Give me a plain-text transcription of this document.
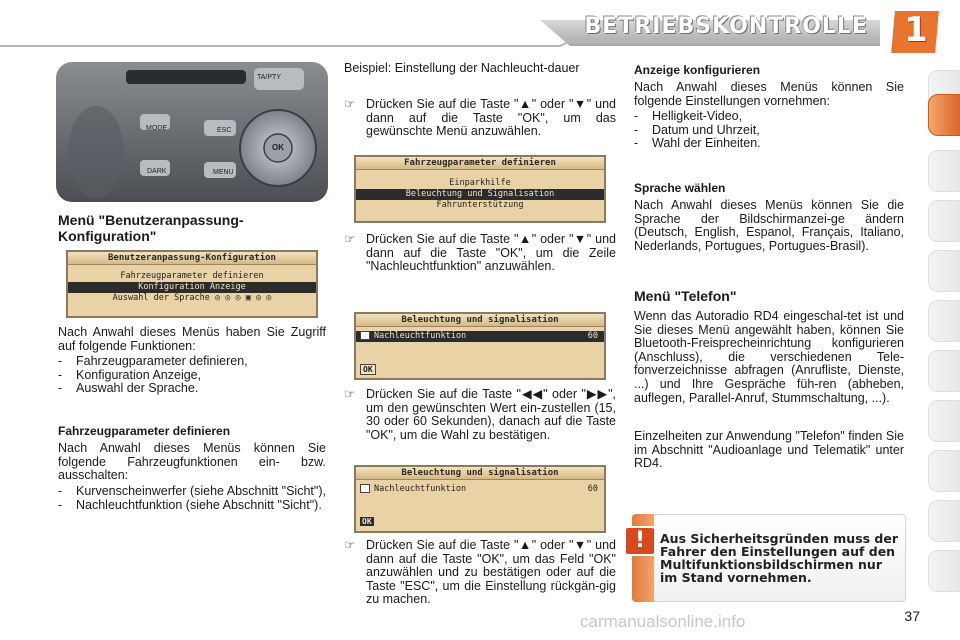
BETRIEBSKONTROLLE 1
TA/PTY
MODE
DARK
ESC
MENU
OK
Menü "Benutzeranpassung-Konfiguration"
Benutzeranpassung-Konfiguration
Fahrzeugparameter definieren
Konfiguration Anzeige
Auswahl der Sprache ◎ ◎ ◎ ▣ ◎ ◎
Nach Anwahl dieses Menüs haben Sie Zugriff auf folgende Funktionen:
- Fahrzeugparameter definieren,
- Konfiguration Anzeige,
- Auswahl der Sprache.
Fahrzeugparameter definieren
Nach Anwahl dieses Menüs können Sie folgende Fahrzeugfunktionen ein- bzw. ausschalten:
-	Kurvenscheinwerfer (siehe Abschnitt "Sicht"),
-	Nachleuchtfunktion (siehe Abschnitt "Sicht").
Beispiel: Einstellung der Nachleucht-dauer
☞ Drücken Sie auf die Taste "▲" oder "▼" und dann auf die Taste "OK", um das gewünschte Menü anzuwählen.
Fahrzeugparameter definieren
Einparkhilfe
Beleuchtung und Signalisation
Fahrunterstützung
☞ Drücken Sie auf die Taste "▲" oder "▼" und dann auf die Taste "OK", um die Zeile "Nachleuchtfunktion" anzuwählen.
Beleuchtung und signalisation
Nachleuchtfunktion	60
OK
☞ Drücken Sie auf die Taste "◀◀" oder "▶▶", um den gewünschten Wert ein-zustellen (15, 30 oder 60 Sekunden), danach auf die Taste "OK", um die Wahl zu bestätigen.
Beleuchtung und signalisation
Nachleuchtfunktion	60
OK
☞ Drücken Sie auf die Taste "▲" oder "▼" und dann auf die Taste "OK", um das Feld "OK" anzuwählen und zu bestätigen oder auf die Taste "ESC", um die Einstellung rückgän-gig zu machen.
Anzeige konfigurieren
Nach Anwahl dieses Menüs können Sie folgende Einstellungen vornehmen:
- Helligkeit-Video,
- Datum und Uhrzeit,
- Wahl der Einheiten.
Sprache wählen
Nach Anwahl dieses Menüs können Sie die Sprache der Bildschirmanzei-ge ändern (Deutsch, English, Espanol, Français, Italiano, Nederlands, Portugues, Portugues-Brasil).
Menü "Telefon"
Wenn das Autoradio RD4 eingeschal-tet ist und Sie dieses Menü angewählt haben, können Sie Bluetooth-Freisprecheinrichtung konfigurieren (Anschluss), die verschiedenen Tele-fonverzeichnisse abfragen (Anrufliste, Dienste, ...) und Ihre Gespräche füh-ren (abheben, auflegen, Parallel-Anruf, Stummschaltung, ...).
Einzelheiten zur Anwendung "Telefon" finden Sie im Abschnitt "Audioanlage und Telematik" unter RD4.
!	Aus Sicherheitsgründen muss der Fahrer den Einstellungen auf den Multifunktionsbildschirmen nur im Stand vornehmen.
carmanualsonline.info	37
